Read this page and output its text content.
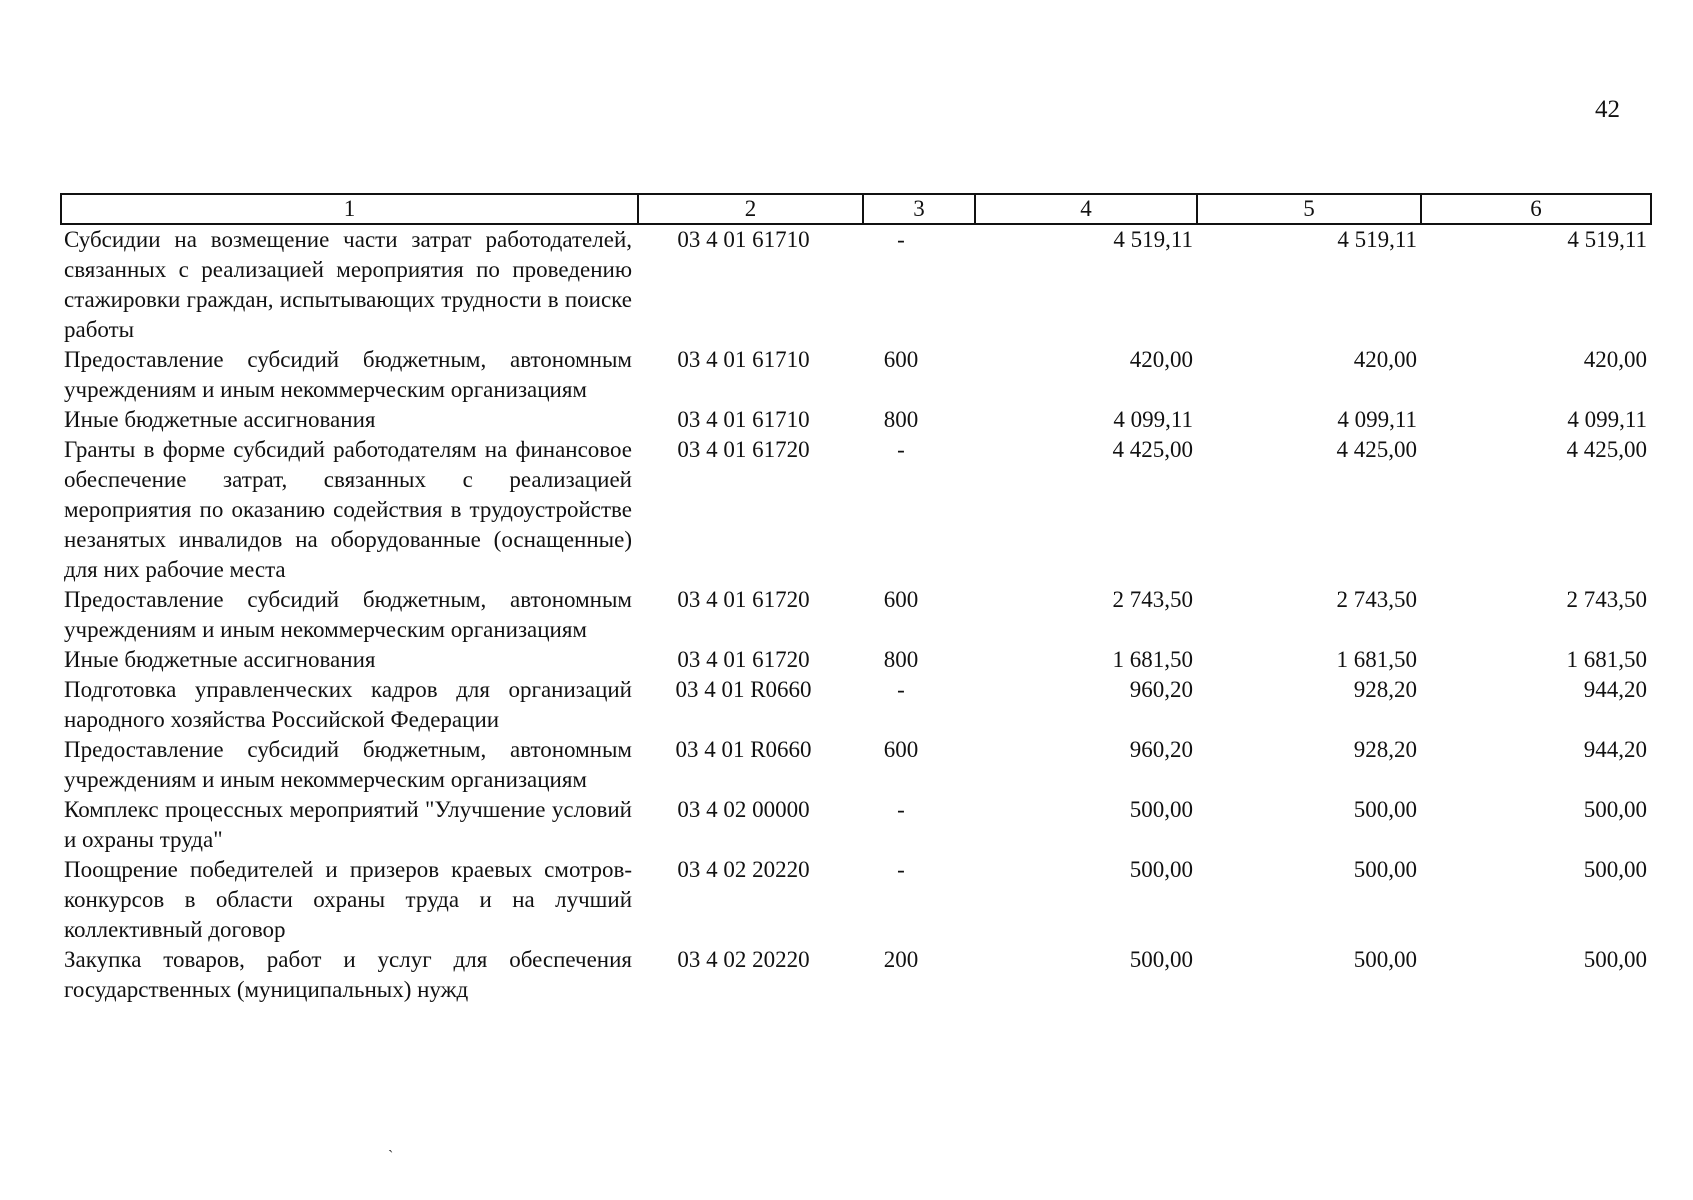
42
1	2	3	4	5	6
Субсидии на возмещение части затрат работодателей, связанных с реализацией мероприятия по проведению стажировки граждан, испытывающих трудности в поиске работы	03 4 01 61710	-	4 519,11	4 519,11	4 519,11
Предоставление субсидий бюджетным, автономным учреждениям и иным некоммерческим организациям	03 4 01 61710	600	420,00	420,00	420,00
Иные бюджетные ассигнования	03 4 01 61710	800	4 099,11	4 099,11	4 099,11
Гранты в форме субсидий работодателям на финансовое обеспечение затрат, связанных с реализацией мероприятия по оказанию содействия в трудоустройстве незанятых инвалидов на оборудованные (оснащенные) для них рабочие места	03 4 01 61720	-	4 425,00	4 425,00	4 425,00
Предоставление субсидий бюджетным, автономным учреждениям и иным некоммерческим организациям	03 4 01 61720	600	2 743,50	2 743,50	2 743,50
Иные бюджетные ассигнования	03 4 01 61720	800	1 681,50	1 681,50	1 681,50
Подготовка управленческих кадров для организаций народного хозяйства Российской Федерации	03 4 01 R0660	-	960,20	928,20	944,20
Предоставление субсидий бюджетным, автономным учреждениям и иным некоммерческим организациям	03 4 01 R0660	600	960,20	928,20	944,20
Комплекс процессных мероприятий "Улучшение условий и охраны труда"	03 4 02 00000	-	500,00	500,00	500,00
Поощрение победителей и призеров краевых смотров-конкурсов в области охраны труда и на лучший коллективный договор	03 4 02 20220	-	500,00	500,00	500,00
Закупка товаров, работ и услуг для обеспечения государственных (муниципальных) нужд	03 4 02 20220	200	500,00	500,00	500,00
ˋ
